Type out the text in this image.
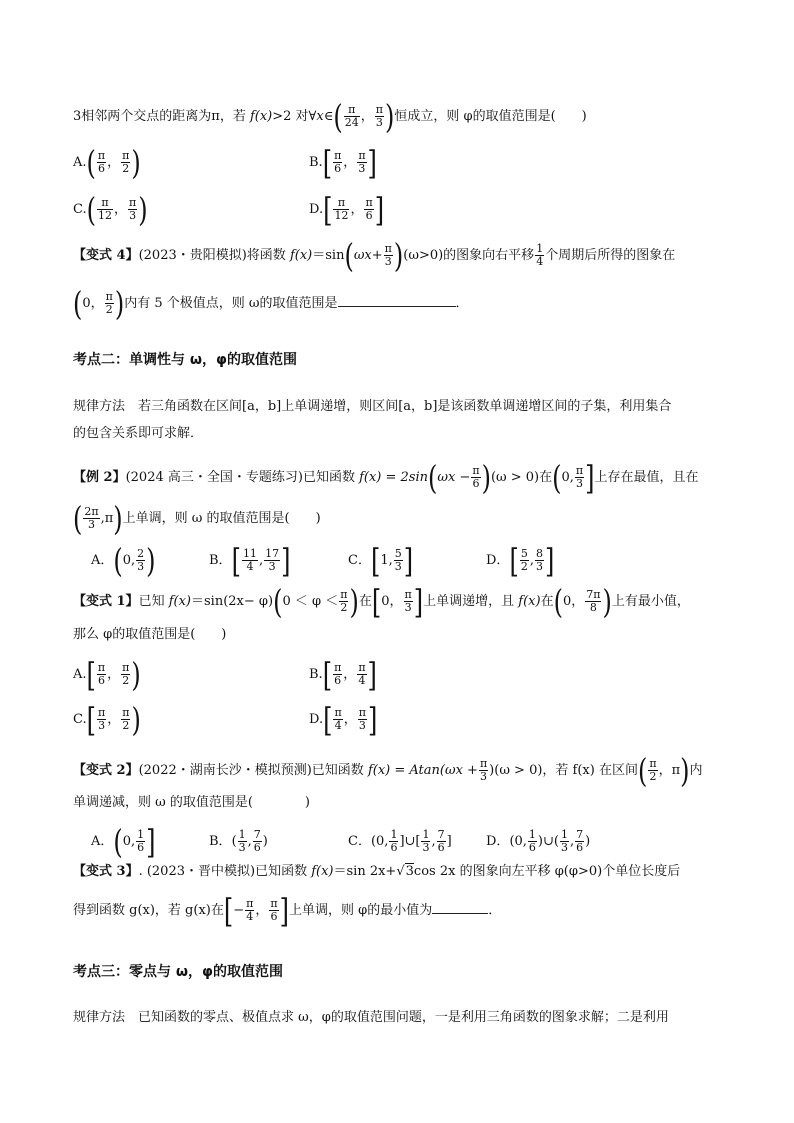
3相邻两个交点的距离为π，若 f(x)>2 对∀x∈( $\frac{\pi}{24}$ ， $\frac{\pi}{3}$ )恒成立，则 φ的取值范围是(　　)
$A.( \frac{\pi}{6}$ ， $\frac{\pi}{2}$ )	$B.[ \frac{\pi}{6}$ ， $\frac{\pi}{3}$ ]
$C.( \frac{\pi}{12}$ ， $\frac{\pi}{3}$ )	$D.[ \frac{\pi}{12}$ ， $\frac{\pi}{6}$ ]
【变式 4】(2023・贵阳模拟)将函数 $f(x)=\sin(\omega x+ \frac{\pi}{3} )(\omega>0)$的图象向右平移 $\frac{1}{4}$ 个周期后所得的图象在
(0， $\frac{\pi}{2}$ )内有 5 个极值点，则 ω的取值范围是	．
考点二：单调性与 ω，φ的取值范围
规律方法　若三角函数在区间[a，b]上单调递增，则区间[a，b]是该函数单调递增区间的子集，利用集合
的包含关系即可求解．
【例 2】(2024 高三・全国・专题练习)已知函数 $f(x) = 2\sin(\omega x - \frac{\pi}{6} )(\omega > 0)$在(0, $\frac{\pi}{3}$ ]上存在最值，且在
( $\frac{2\pi}{3} ,\pi$)上单调，则 ω 的取值范围是(　　)
A．(0, $\frac{2}{3}$ )	B．[ $\frac{11}{4}$ , $\frac{17}{3}$ ]	C．[1, $\frac{5}{3}$ ]	D．[ $\frac{5}{2}$ , $\frac{8}{3}$ ]
【变式 1】已知 $f(x)=\sin(2x- \varphi)(0 < \varphi < \frac{\pi}{2}$ )在[0， $\frac{\pi}{3}$ ]上单调递增，且 f(x)在(0， $\frac{7\pi}{8}$ )上有最小值，
那么 φ的取值范围是(　　)
$A.[ \frac{\pi}{6}$ ， $\frac{\pi}{2}$ )	$B.[ \frac{\pi}{6}$ ， $\frac{\pi}{4}$ ]
$C.[ \frac{\pi}{3}$ ， $\frac{\pi}{2}$ )	$D.[ \frac{\pi}{4}$ ， $\frac{\pi}{3}$ ]
【变式 2】(2022・湖南长沙・模拟预测)已知函数 $f(x) = Atan(\omega x + \frac{\pi}{3} )(\omega > 0)$，若 f(x) 在区间( $\frac{\pi}{2}$ ，π)内
单调递减，则 ω 的取值范围是(　　　　)
A．(0, $\frac{1}{6}$ ]	B．( $\frac{1}{3}$ , $\frac{7}{6}$ )	C．(0, $\frac{1}{6}$ ]∪[ $\frac{1}{3}$ , $\frac{7}{6}$ ]	D．(0, $\frac{1}{6}$ )∪( $\frac{1}{3}$ , $\frac{7}{6}$ )
【变式 3】. (2023・晋中模拟)已知函数 f(x)＝sin 2x+√3cos 2x 的图象向左平移 φ(φ>0)个单位长度后
得到函数 g(x)，若 g(x)在[− $\frac{\pi}{4}$ ， $\frac{\pi}{6}$ ]上单调，则 φ的最小值为	．
考点三：零点与 ω，φ的取值范围
规律方法　已知函数的零点、极值点求 ω，φ的取值范围问题，一是利用三角函数的图象求解；二是利用
